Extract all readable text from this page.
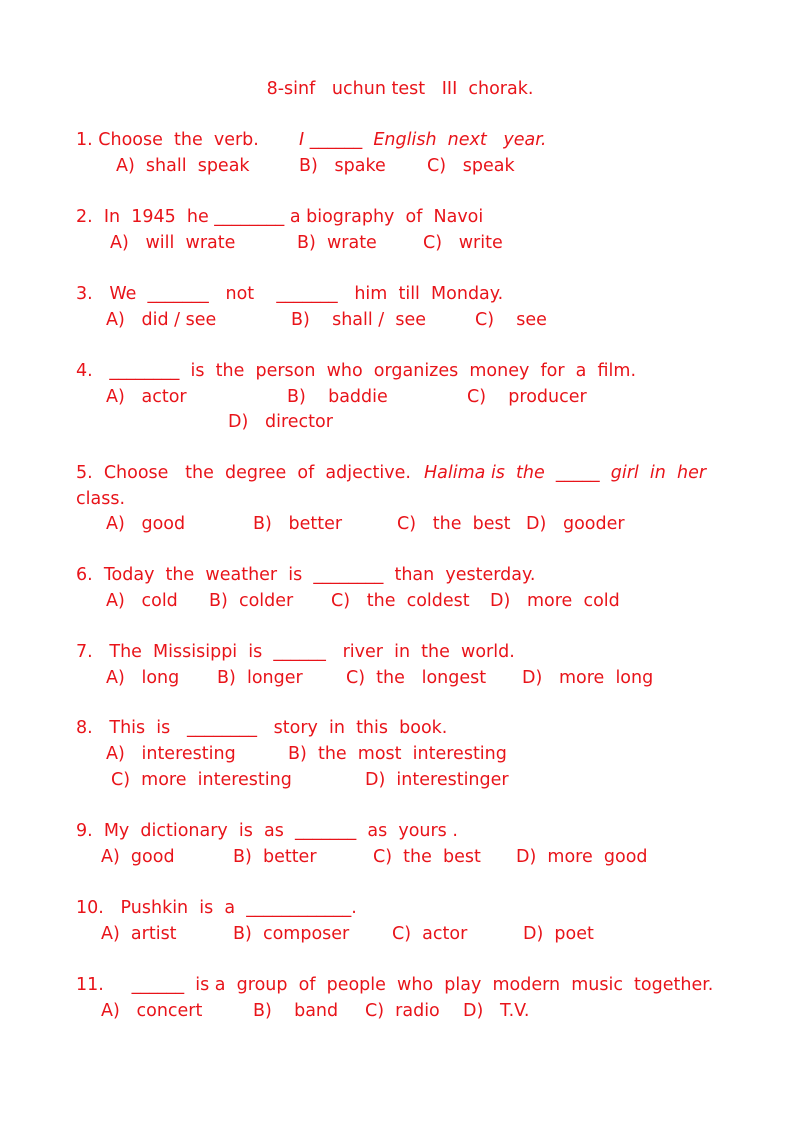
8-sinf   uchun test   III  chorak.
1. Choose  the  verb. I ______  English  next   year.
A)  shall  speak	B)   spake C)   speak
2.  In  1945  he ________ a biography  of  Navoi
A)   will  wrate	B)  wrate	C)   write
3.   We  _______   not    _______   him  till  Monday.
A)   did / see	B)    shall /  see	C)    see
4.   ________  is  the  person  who  organizes  money  for  a  film.
A)   actor	B)    baddie	C)    producer
D)   director
5.  Choose   the  degree  of  adjective. Halima is  the  _____  girl  in  her
class.
A)   good	B)   better	C)   the  best D)   gooder
6.  Today  the  weather  is  ________  than  yesterday.
A)   cold B)  colder C)   the  coldest D)   more  cold
7.   The  Missisippi  is  ______   river  in  the  world.
A)   long B)  longer C)  the   longest D)   more  long
8.   This  is   ________   story  in  this  book.
A)   interesting	B)  the  most  interesting
C)  more  interesting	D)  interestinger
9.  My  dictionary  is  as  _______  as  yours .
A)  good	B)  better	C)  the  best D)  more  good
10.   Pushkin  is  a  ____________.
A)  artist	B)  composer C)  actor	D)  poet
11.     ______  is a  group  of  people  who  play  modern  music  together.
A)   concert	B)    band C)  radio D)   T.V.
